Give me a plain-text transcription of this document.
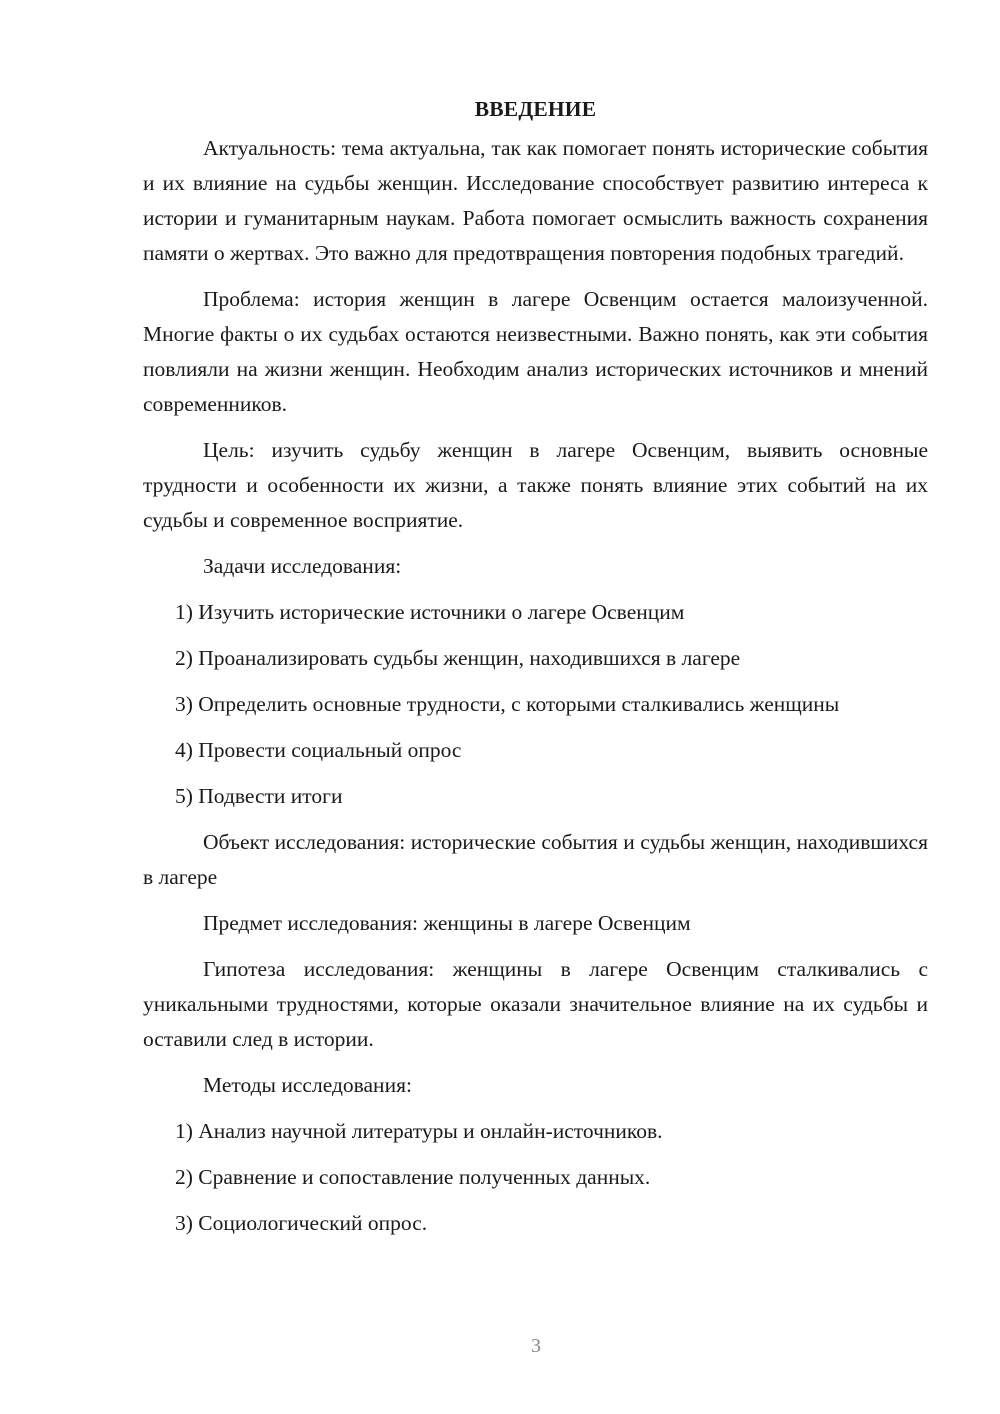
ВВЕДЕНИЕ

Актуальность: тема актуальна, так как помогает понять исторические события и их влияние на судьбы женщин. Исследование способствует развитию интереса к истории и гуманитарным наукам. Работа помогает осмыслить важность сохранения памяти о жертвах. Это важно для предотвращения повторения подобных трагедий.

Проблема: история женщин в лагере Освенцим остается малоизученной. Многие факты о их судьбах остаются неизвестными. Важно понять, как эти события повлияли на жизни женщин. Необходим анализ исторических источников и мнений современников.

Цель: изучить судьбу женщин в лагере Освенцим, выявить основные трудности и особенности их жизни, а также понять влияние этих событий на их судьбы и современное восприятие.

Задачи исследования:

1) Изучить исторические источники о лагере Освенцим

2) Проанализировать судьбы женщин, находившихся в лагере

3) Определить основные трудности, с которыми сталкивались женщины

4) Провести социальный опрос

5) Подвести итоги

Объект исследования: исторические события и судьбы женщин, находившихся в лагере

Предмет исследования: женщины в лагере Освенцим

Гипотеза исследования: женщины в лагере Освенцим сталкивались с уникальными трудностями, которые оказали значительное влияние на их судьбы и оставили след в истории.

Методы исследования:

1) Анализ научной литературы и онлайн-источников.

2) Сравнение и сопоставление полученных данных.

3) Социологический опрос.

3
